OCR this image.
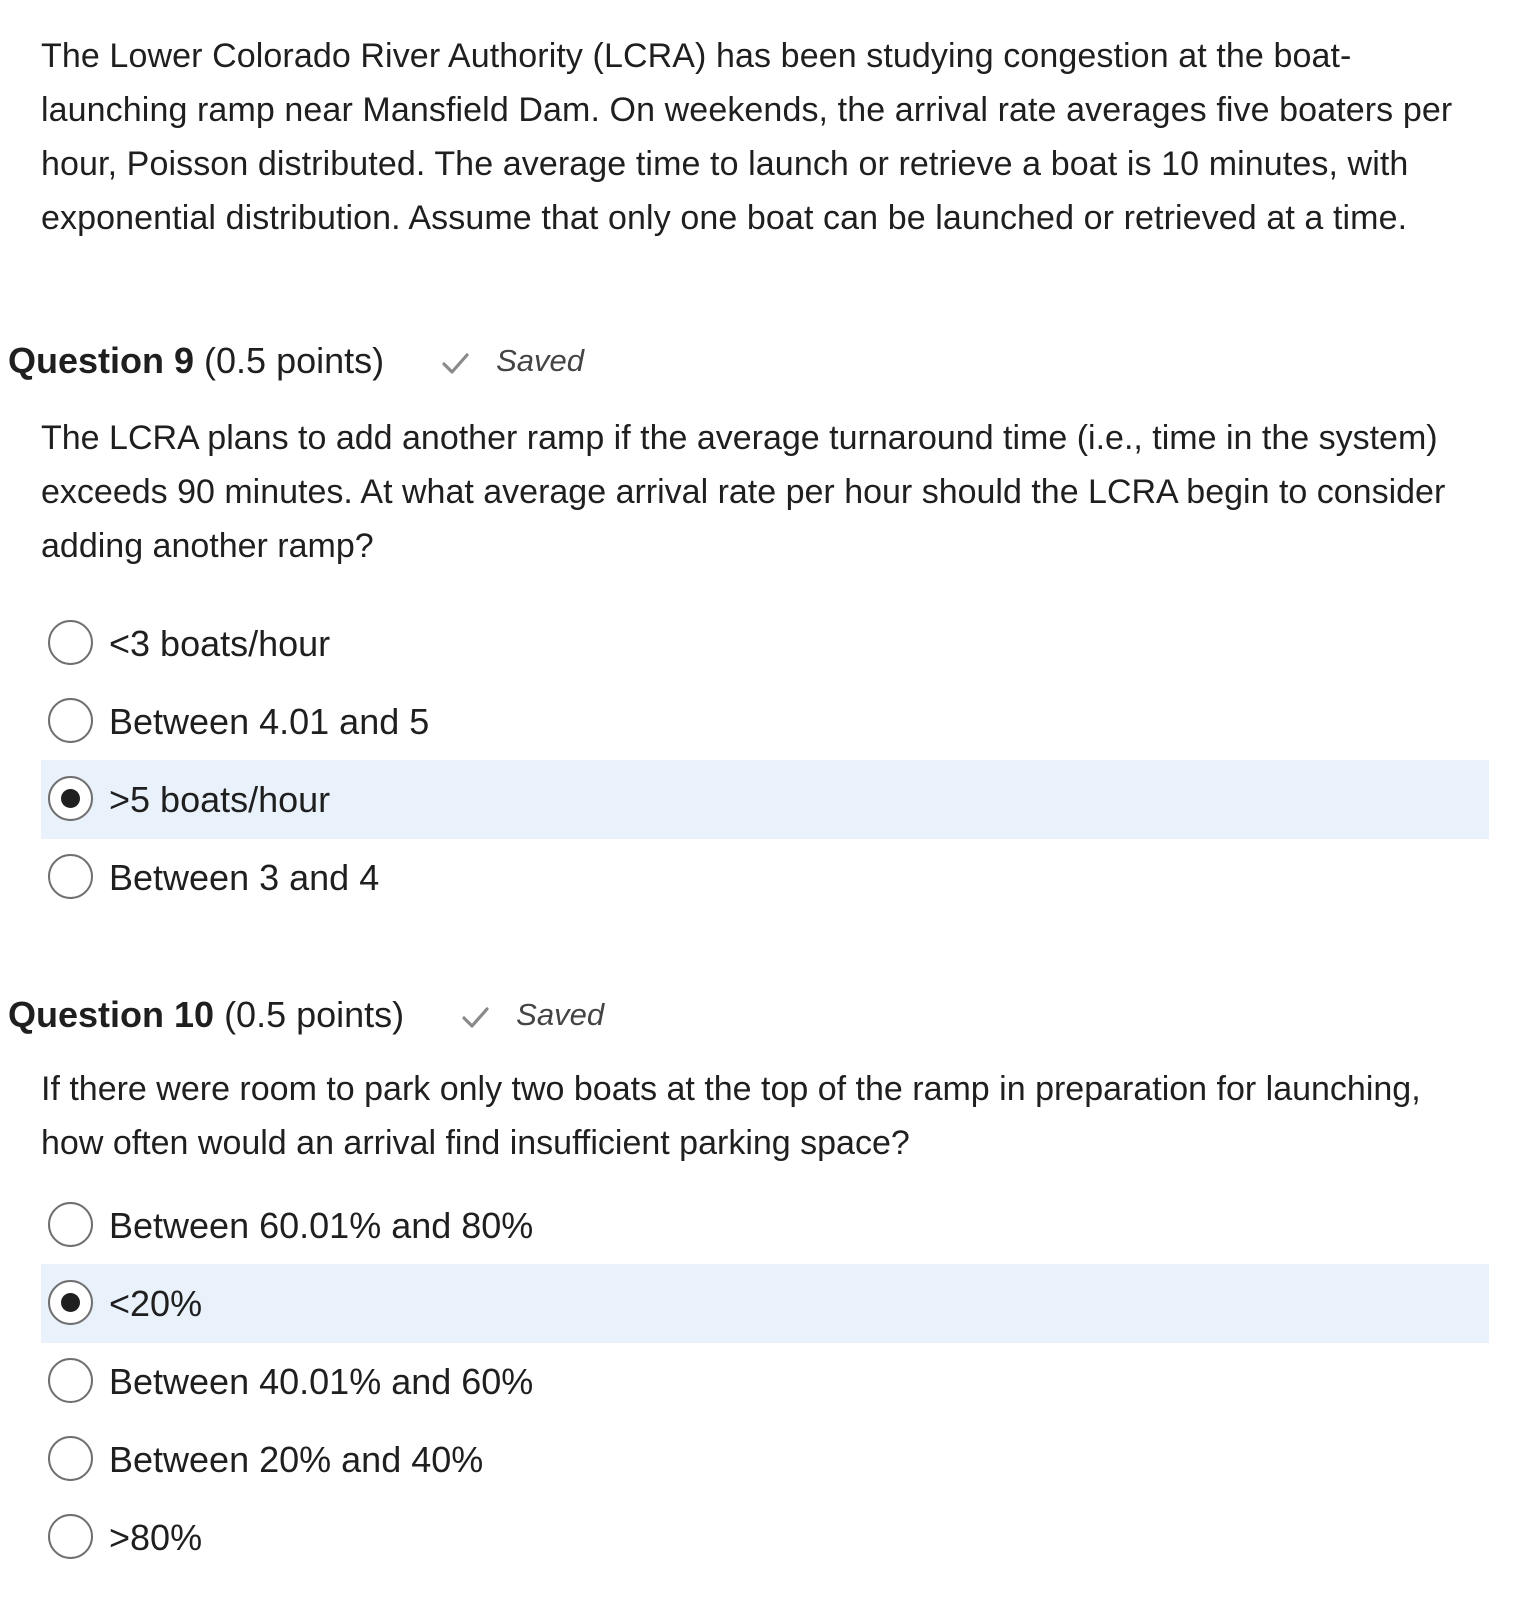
The Lower Colorado River Authority (LCRA) has been studying congestion at the boat-launching ramp near Mansfield Dam. On weekends, the arrival rate averages five boaters per hour, Poisson distributed. The average time to launch or retrieve a boat is 10 minutes, with exponential distribution. Assume that only one boat can be launched or retrieved at a time.

Question 9 (0.5 points)	Saved

The LCRA plans to add another ramp if the average turnaround time (i.e., time in the system) exceeds 90 minutes. At what average arrival rate per hour should the LCRA begin to consider adding another ramp?

<3 boats/hour
Between 4.01 and 5
>5 boats/hour
Between 3 and 4
Question 10 (0.5 points)	Saved

If there were room to park only two boats at the top of the ramp in preparation for launching, how often would an arrival find insufficient parking space?

Between 60.01% and 80%
<20%
Between 40.01% and 60%
Between 20% and 40%
>80%
